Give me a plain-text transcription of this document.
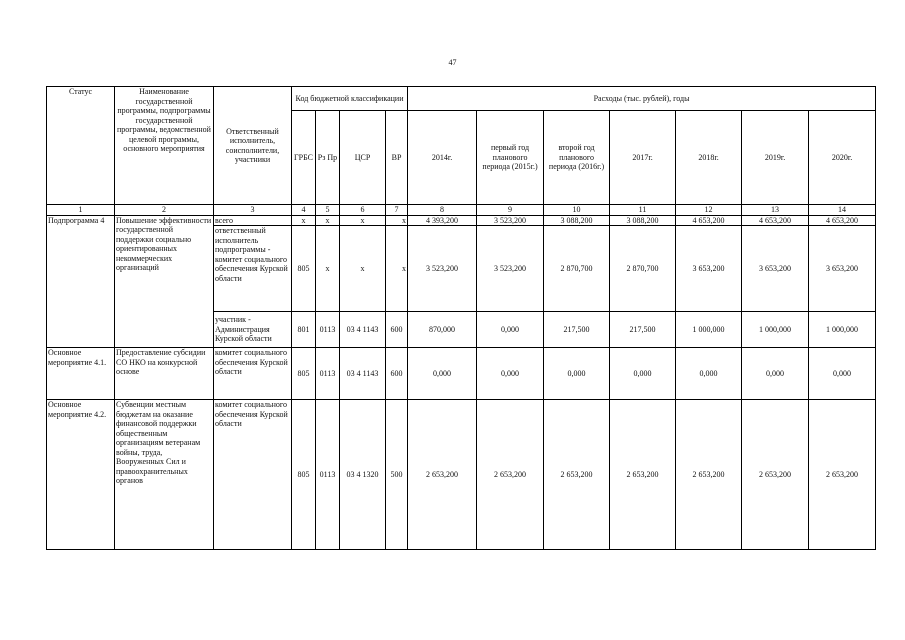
47
Статус	Наименование государственной программы, подпрограммы государственной программы, ведомственной целевой программы, основного мероприятия	Ответственный исполнитель, соисполнители, участники	Код бюджетной классификации				Расходы (тыс. рублей), годы						
			ГРБС	Рз Пр	ЦСР	ВР	2014г.	первый год планового периода (2015г.)	второй год планового периода (2016г.)	2017г.	2018г.	2019г.	2020г.
1	2	3	4	5	6	7	8	9	10	11	12	13	14
Подпрограмма 4	Повышение эффективности государственной поддержки социально ориентированных некоммерческих организаций	всего	х	х	х	х	4 393,200	3 523,200	3 088,200	3 088,200	4 653,200	4 653,200	4 653,200
		ответственный исполнитель подпрограммы - комитет социального обеспечения Курской области	805	х	х	х	3 523,200	3 523,200	2 870,700	2 870,700	3 653,200	3 653,200	3 653,200
		участник - Администрация Курской области	801	0113	03 4 1143	600	870,000	0,000	217,500	217,500	1 000,000	1 000,000	1 000,000
Основное мероприятие 4.1.	Предоставление субсидии СО НКО на конкурсной основе	комитет социального обеспечения Курской области	805	0113	03 4 1143	600	0,000	0,000	0,000	0,000	0,000	0,000	0,000
Основное мероприятие 4.2.	Субвенции местным бюджетам на оказание финансовой поддержки общественным организациям ветеранам войны, труда, Вооруженных Сил и правоохранительных органов	комитет социального обеспечения Курской области	805	0113	03 4 1320	500	2 653,200	2 653,200	2 653,200	2 653,200	2 653,200	2 653,200	2 653,200
